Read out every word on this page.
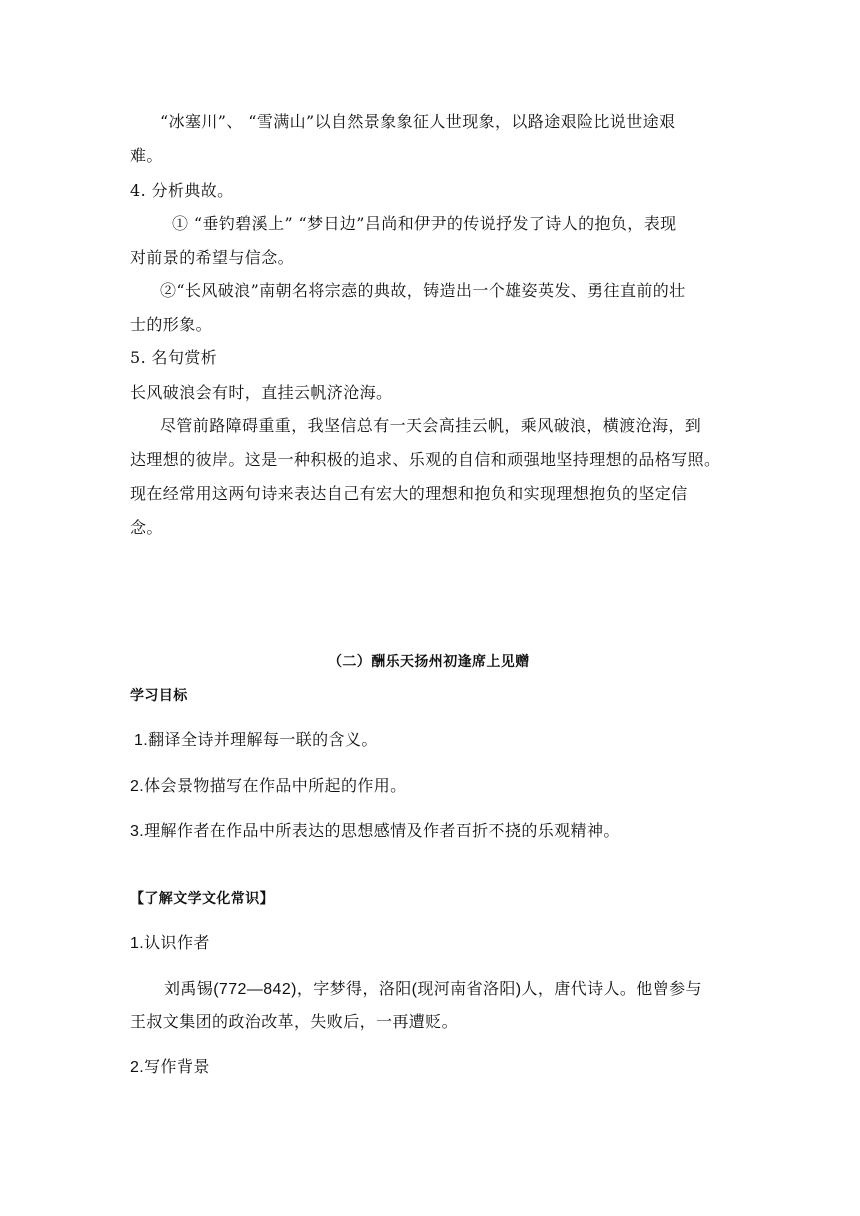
“冰塞川”、 “雪满山”以自然景象象征人世现象，以路途艰险比说世途艰
难。
4. 分析典故。
① “垂钓碧溪上” “梦日边”吕尚和伊尹的传说抒发了诗人的抱负，表现
对前景的希望与信念。
②“长风破浪”南朝名将宗悫的典故，铸造出一个雄姿英发、勇往直前的壮
士的形象。
5. 名句赏析
长风破浪会有时，直挂云帆济沧海。
尽管前路障碍重重，我坚信总有一天会高挂云帆，乘风破浪，横渡沧海，到
达理想的彼岸。这是一种积极的追求、乐观的自信和顽强地坚持理想的品格写照。
现在经常用这两句诗来表达自己有宏大的理想和抱负和实现理想抱负的坚定信
念。
（二）酬乐天扬州初逢席上见赠
学习目标
1.翻译全诗并理解每一联的含义。
2.体会景物描写在作品中所起的作用。
3.理解作者在作品中所表达的思想感情及作者百折不挠的乐观精神。
【了解文学文化常识】
1.认识作者
刘禹锡(772—842)，字梦得，洛阳(现河南省洛阳)人，唐代诗人。他曾参与
王叔文集团的政治改革，失败后，一再遭贬。
2.写作背景
